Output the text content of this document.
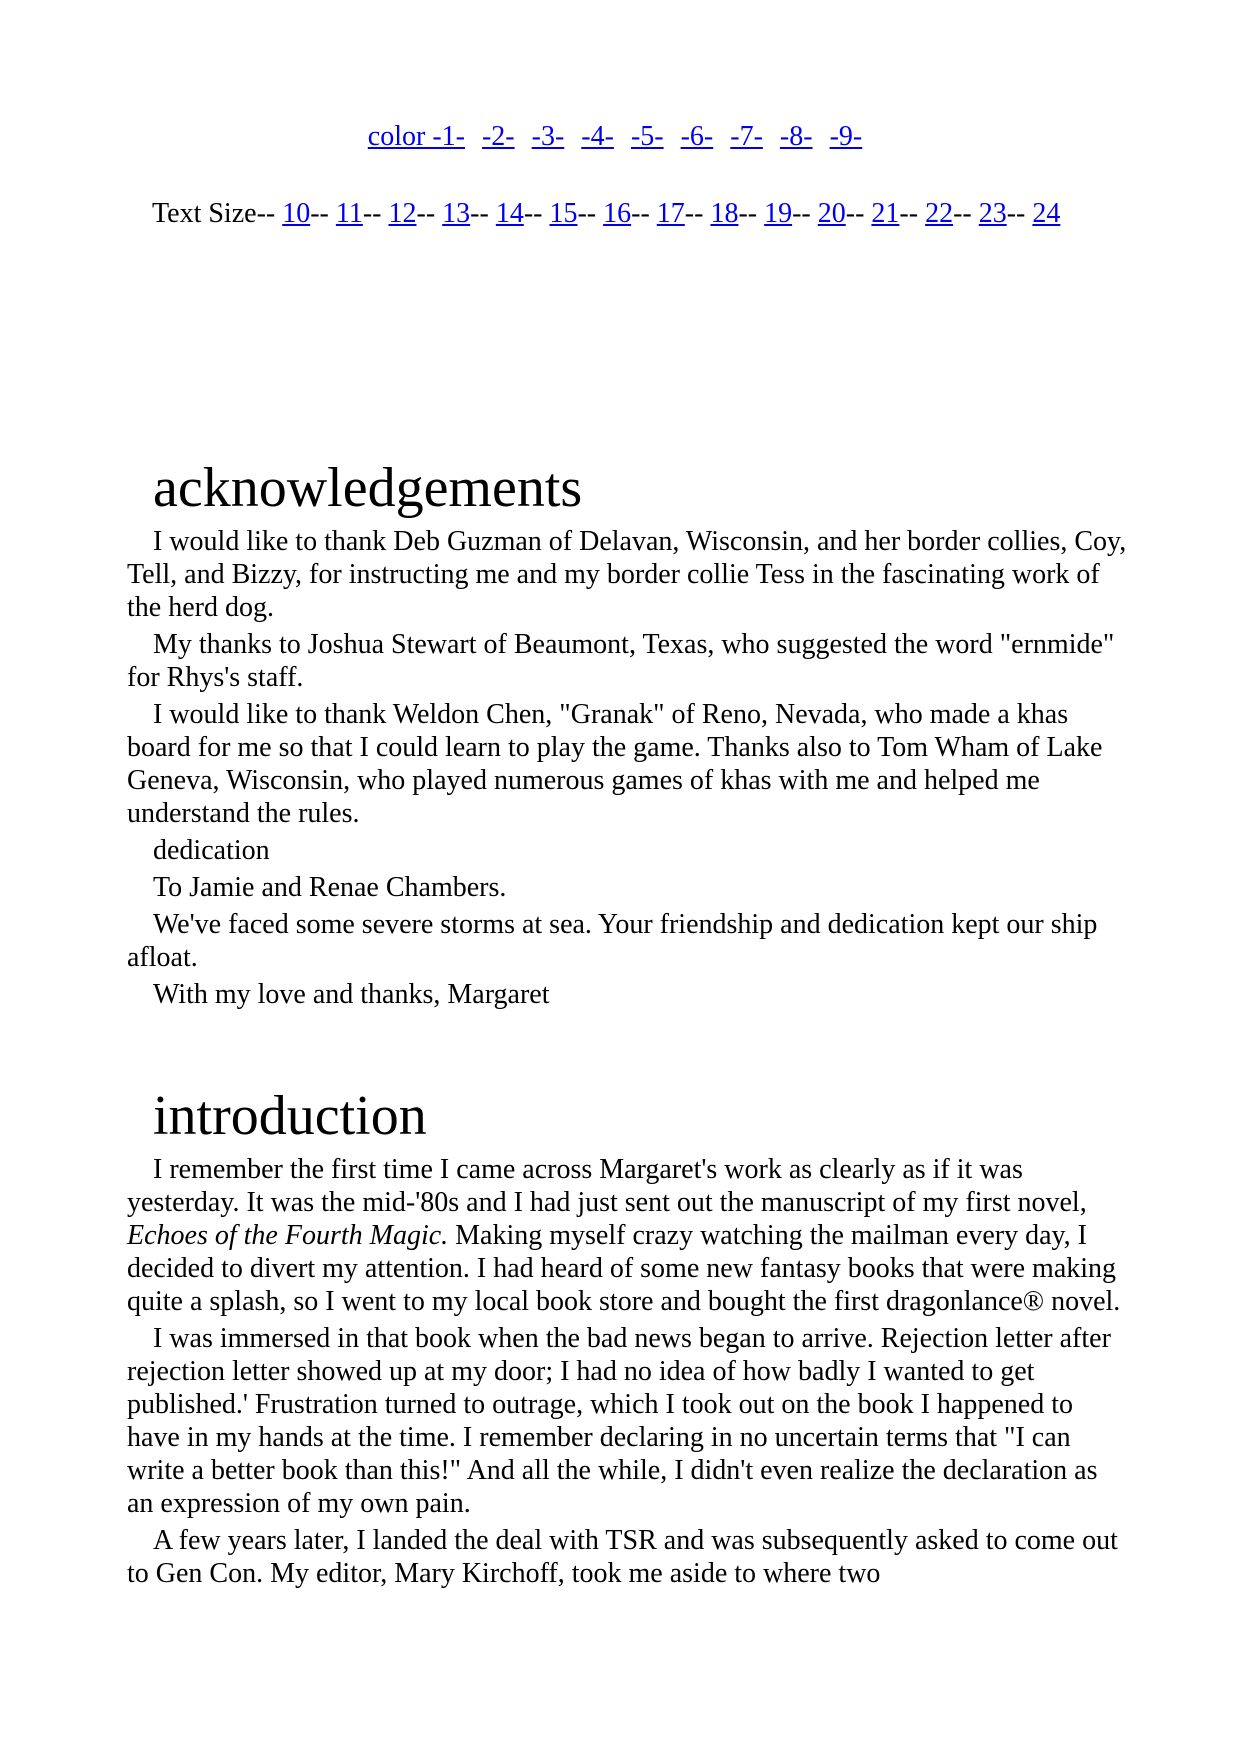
color -1- -2- -3- -4- -5- -6- -7- -8- -9-
Text Size-- 10-- 11-- 12-- 13-- 14-- 15-- 16-- 17-- 18-- 19-- 20-- 21-- 22-- 23-- 24
acknowledgements

I would like to thank Deb Guzman of Delavan, Wisconsin, and her border collies, Coy, Tell, and Bizzy, for instructing me and my border collie Tess in the fascinating work of the herd dog.

My thanks to Joshua Stewart of Beaumont, Texas, who suggested the word "ernmide" for Rhys's staff.

I would like to thank Weldon Chen, "Granak" of Reno, Nevada, who made a khas board for me so that I could learn to play the game. Thanks also to Tom Wham of Lake Geneva, Wisconsin, who played numerous games of khas with me and helped me understand the rules.

dedication

To Jamie and Renae Chambers.

We've faced some severe storms at sea. Your friendship and dedication kept our ship afloat.

With my love and thanks, Margaret

introduction

I remember the first time I came across Margaret's work as clearly as if it was yesterday. It was the mid-'80s and I had just sent out the manuscript of my first novel, Echoes of the Fourth Magic. Making myself crazy watching the mailman every day, I decided to divert my attention. I had heard of some new fantasy books that were making quite a splash, so I went to my local book store and bought the first dragonlance® novel.

I was immersed in that book when the bad news began to arrive. Rejection letter after rejection letter showed up at my door; I had no idea of how badly I wanted to get published.' Frustration turned to outrage, which I took out on the book I happened to have in my hands at the time. I remember declaring in no uncertain terms that "I can write a better book than this!" And all the while, I didn't even realize the declaration as an expression of my own pain.

A few years later, I landed the deal with TSR and was subsequently asked to come out to Gen Con. My editor, Mary Kirchoff, took me aside to where two
